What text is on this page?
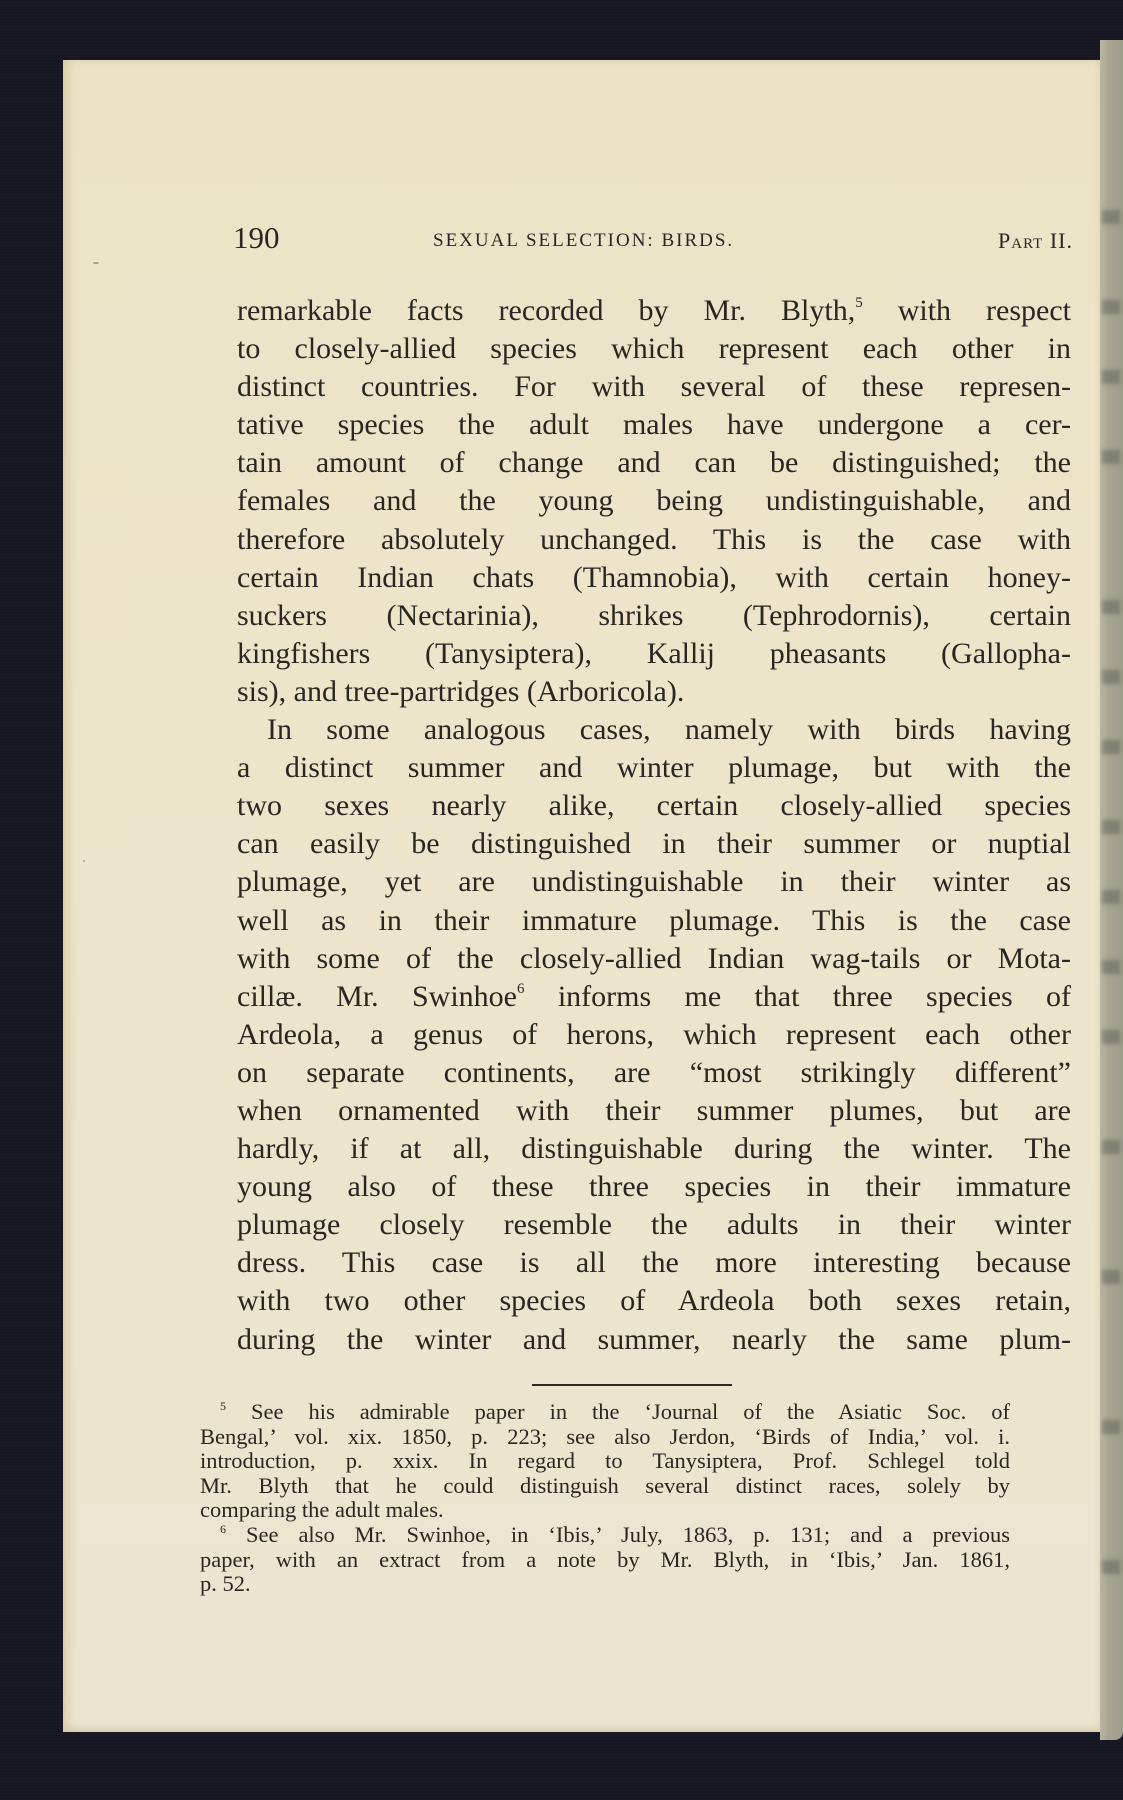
190	SEXUAL SELECTION: BIRDS.	Part II.
remarkable facts recorded by Mr. Blyth,$^5$ with respect
to closely-allied species which represent each other in
distinct countries. For with several of these represen-
tative species the adult males have undergone a cer-
tain amount of change and can be distinguished; the
females and the young being undistinguishable, and
therefore absolutely unchanged. This is the case with
certain Indian chats (Thamnobia), with certain honey-
suckers (Nectarinia), shrikes (Tephrodornis), certain
kingfishers (Tanysiptera), Kallij pheasants (Gallopha-
sis), and tree-partridges (Arboricola).
In some analogous cases, namely with birds having
a distinct summer and winter plumage, but with the
two sexes nearly alike, certain closely-allied species
can easily be distinguished in their summer or nuptial
plumage, yet are undistinguishable in their winter as
well as in their immature plumage. This is the case
with some of the closely-allied Indian wag-tails or Mota-
cillæ. Mr. Swinhoe$^6$ informs me that three species of
Ardeola, a genus of herons, which represent each other
on separate continents, are “most strikingly different”
when ornamented with their summer plumes, but are
hardly, if at all, distinguishable during the winter. The
young also of these three species in their immature
plumage closely resemble the adults in their winter
dress. This case is all the more interesting because
with two other species of Ardeola both sexes retain,
during the winter and summer, nearly the same plum-
$^5$ See his admirable paper in the ‘Journal of the Asiatic Soc. of
Bengal,’ vol. xix. 1850, p. 223; see also Jerdon, ‘Birds of India,’ vol. i.
introduction, p. xxix. In regard to Tanysiptera, Prof. Schlegel told
Mr. Blyth that he could distinguish several distinct races, solely by
comparing the adult males.
$^6$ See also Mr. Swinhoe, in ‘Ibis,’ July, 1863, p. 131; and a previous
paper, with an extract from a note by Mr. Blyth, in ‘Ibis,’ Jan. 1861,
p. 52.
